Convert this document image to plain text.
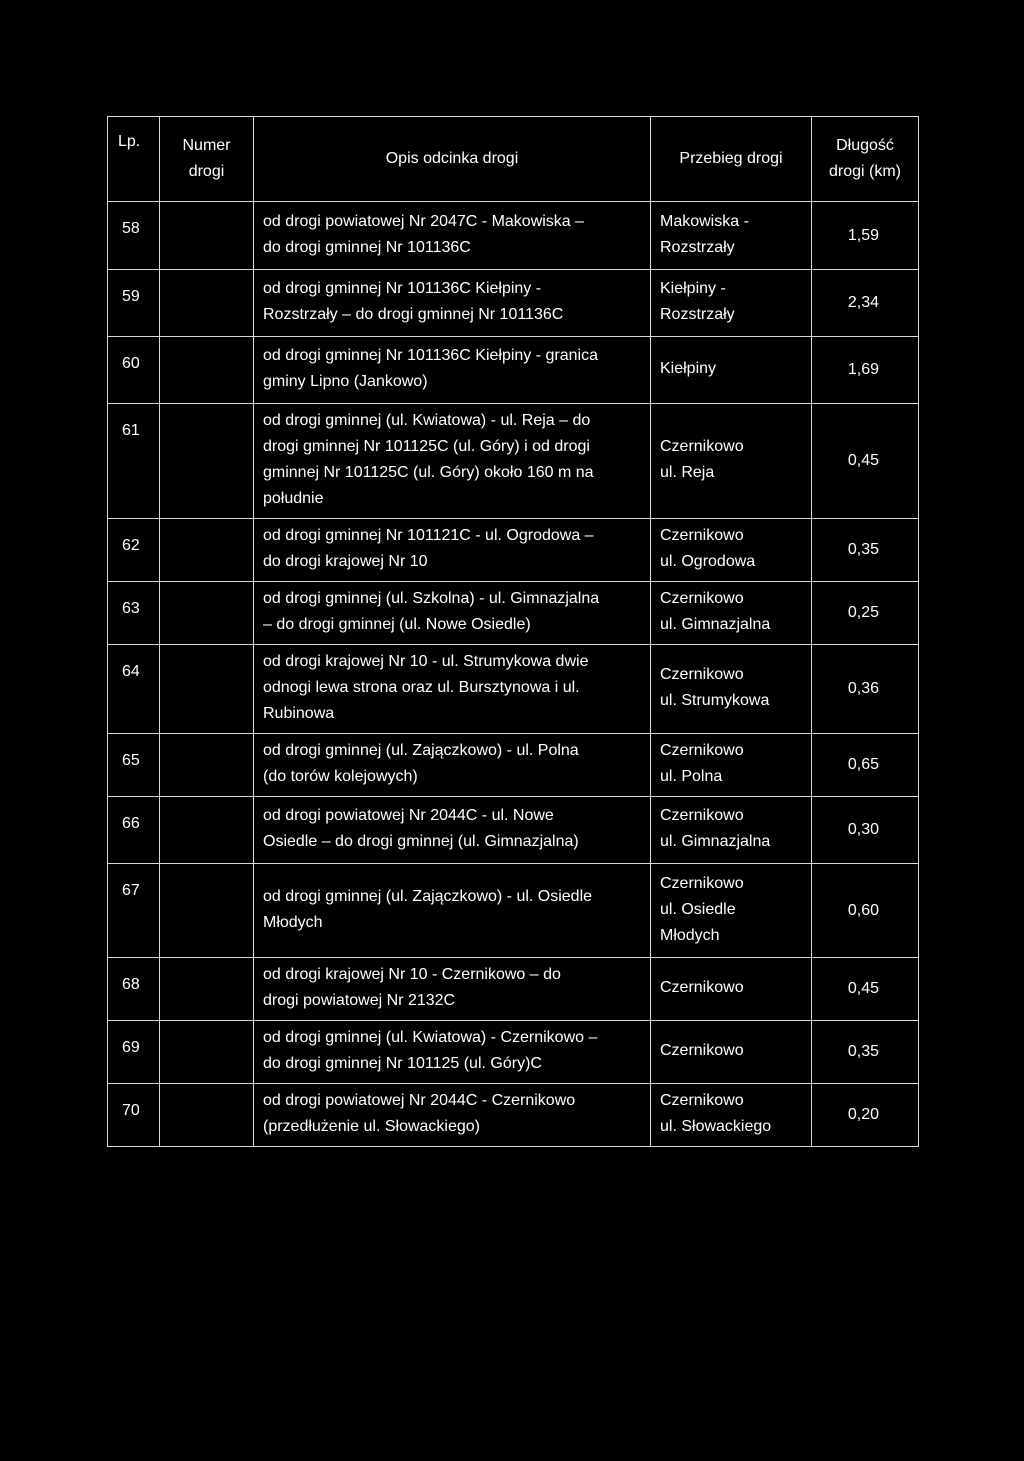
Lp.	Numer
drogi	Opis odcinka drogi	Przebieg drogi	Długość
drogi (km)

58		od drogi powiatowej Nr 2047C - Makowiska –
do drogi gminnej Nr 101136C	Makowiska -
Rozstrzały	1,59
59		od drogi gminnej Nr 101136C Kiełpiny -
Rozstrzały – do drogi gminnej Nr 101136C	Kiełpiny -
Rozstrzały	2,34
60		od drogi gminnej Nr 101136C Kiełpiny - granica
gminy Lipno (Jankowo)	Kiełpiny	1,69
61		od drogi gminnej (ul. Kwiatowa) - ul. Reja – do
drogi gminnej Nr 101125C (ul. Góry) i od drogi
gminnej Nr 101125C (ul. Góry) około 160 m na
południe	Czernikowo
ul. Reja	0,45
62		od drogi gminnej Nr 101121C - ul. Ogrodowa –
do drogi krajowej Nr 10	Czernikowo
ul. Ogrodowa	0,35
63		od drogi gminnej (ul. Szkolna) - ul. Gimnazjalna
– do drogi gminnej (ul. Nowe Osiedle)	Czernikowo
ul. Gimnazjalna	0,25
64		od drogi krajowej Nr 10 - ul. Strumykowa dwie
odnogi lewa strona oraz ul. Bursztynowa i ul.
Rubinowa	Czernikowo
ul. Strumykowa	0,36
65		od drogi gminnej (ul. Zajączkowo) - ul. Polna
(do torów kolejowych)	Czernikowo
ul. Polna	0,65
66		od drogi powiatowej Nr 2044C - ul. Nowe
Osiedle – do drogi gminnej (ul. Gimnazjalna)	Czernikowo
ul. Gimnazjalna	0,30
67		od drogi gminnej (ul. Zajączkowo) - ul. Osiedle
Młodych	Czernikowo
ul. Osiedle
Młodych	0,60
68		od drogi krajowej Nr 10 - Czernikowo – do
drogi powiatowej Nr 2132C	Czernikowo	0,45
69		od drogi gminnej (ul. Kwiatowa) - Czernikowo –
do drogi gminnej Nr 101125 (ul. Góry)C	Czernikowo	0,35
70		od drogi powiatowej Nr 2044C - Czernikowo
(przedłużenie ul. Słowackiego)	Czernikowo
ul. Słowackiego	0,20
